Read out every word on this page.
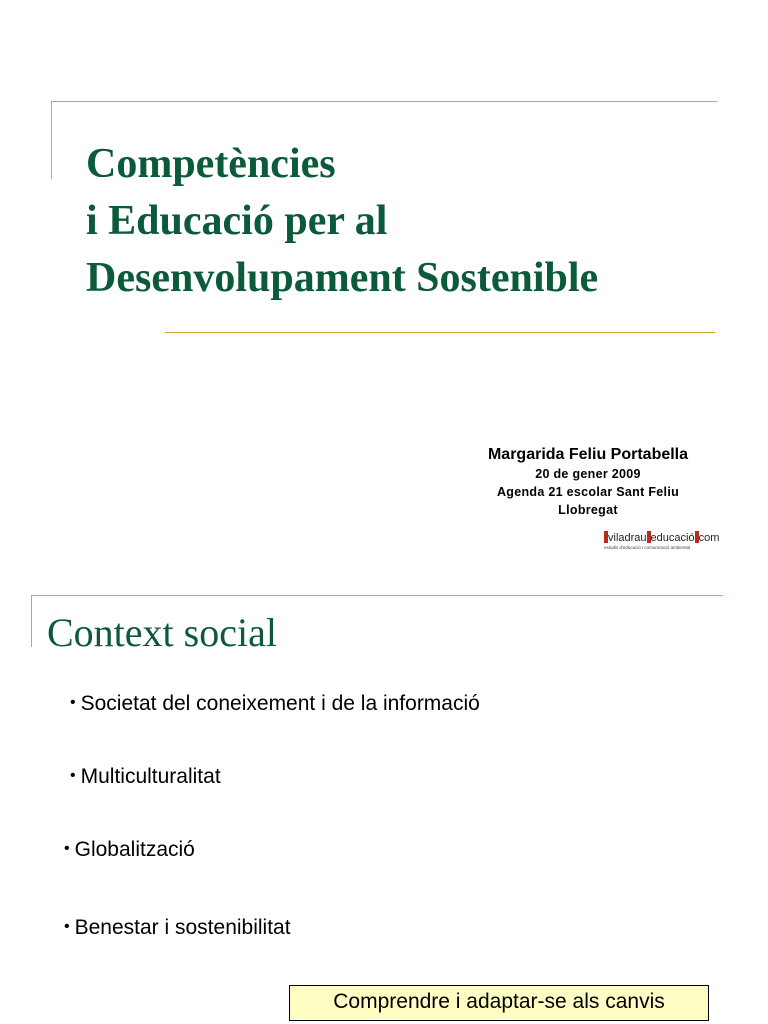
Competències
i Educació per al
Desenvolupament Sostenible
Margarida Feliu Portabella
20 de gener 2009
Agenda 21 escolar Sant Feliu
Llobregat
viladrau educació com
estudis d'educació i comunicació ambiental
Context social
• Societat del coneixement i de la informació
• Multiculturalitat
• Globalització
• Benestar i sostenibilitat
Comprendre i adaptar-se als canvis
